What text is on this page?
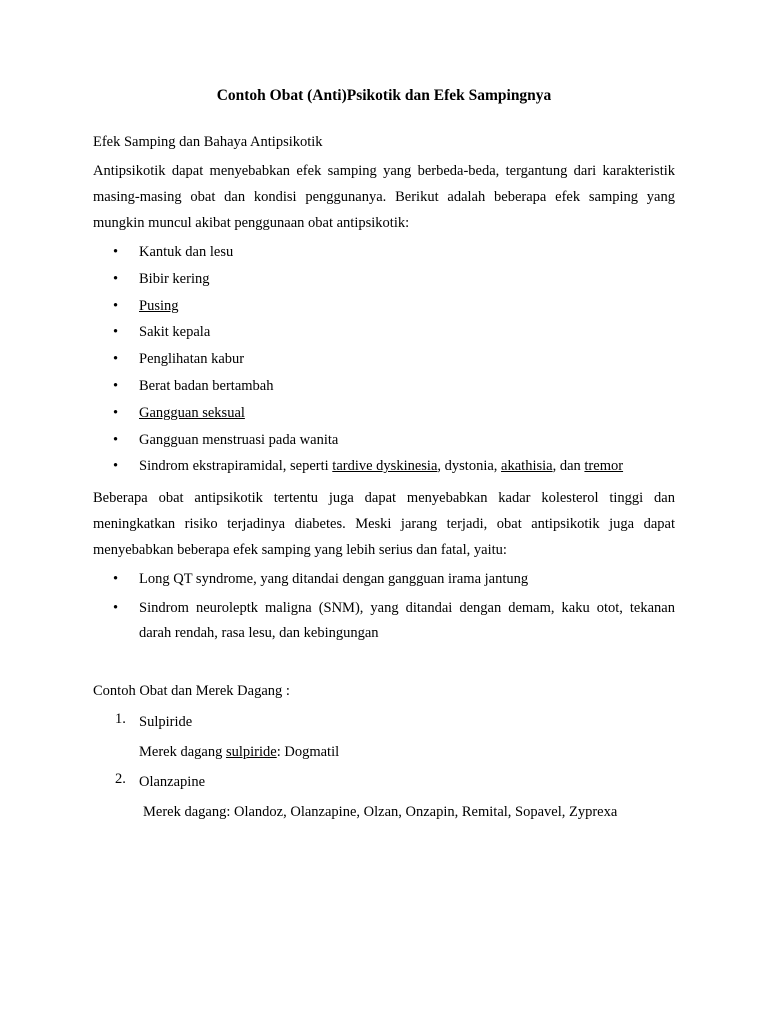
Contoh Obat (Anti)Psikotik dan Efek Sampingnya

Efek Samping dan Bahaya Antipsikotik

Antipsikotik dapat menyebabkan efek samping yang berbeda-beda, tergantung dari karakteristik masing-masing obat dan kondisi penggunanya. Berikut adalah beberapa efek samping yang mungkin muncul akibat penggunaan obat antipsikotik:

• Kantuk dan lesu
• Bibir kering
• Pusing
• Sakit kepala
• Penglihatan kabur
• Berat badan bertambah
• Gangguan seksual
• Gangguan menstruasi pada wanita
• Sindrom ekstrapiramidal, seperti tardive dyskinesia, dystonia, akathisia, dan tremor

Beberapa obat antipsikotik tertentu juga dapat menyebabkan kadar kolesterol tinggi dan meningkatkan risiko terjadinya diabetes. Meski jarang terjadi, obat antipsikotik juga dapat menyebabkan beberapa efek samping yang lebih serius dan fatal, yaitu:

• Long QT syndrome, yang ditandai dengan gangguan irama jantung
• Sindrom neuroleptk maligna (SNM), yang ditandai dengan demam, kaku otot, tekanan darah rendah, rasa lesu, dan kebingungan

Contoh Obat dan Merek Dagang :

1. Sulpiride
Merek dagang sulpiride: Dogmatil
2. Olanzapine
Merek dagang: Olandoz, Olanzapine, Olzan, Onzapin, Remital, Sopavel, Zyprexa
